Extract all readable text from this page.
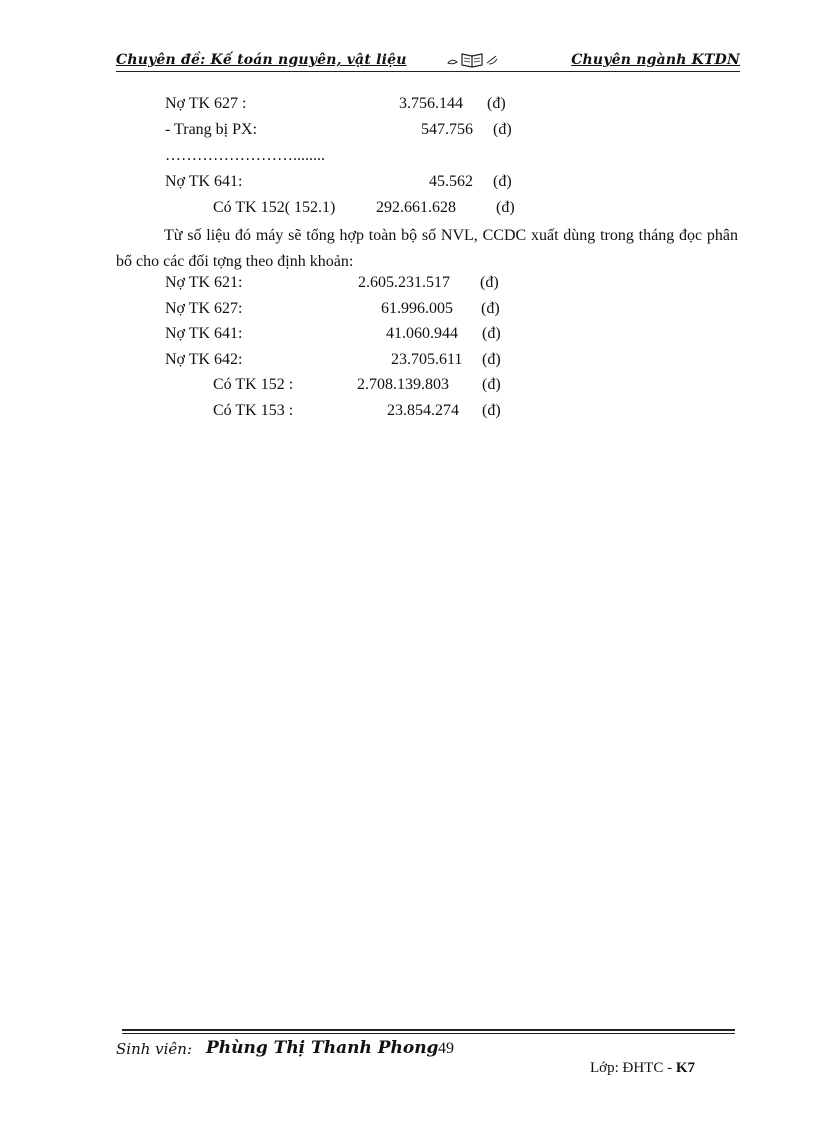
Chuyên đề: Kế toán nguyên, vật liệu	Chuyên ngành KTDN
Nợ TK 627 :	3.756.144 (đ)
- Trang bị PX:	547.756 (đ)
……………………........
Nợ TK 641:	45.562 (đ)
Có TK 152( 152.1)	292.661.628	(đ)
Từ số liệu đó máy sẽ tổng hợp toàn bộ số NVL, CCDC xuất dùng trong tháng đọc phân bổ cho các đối tợng theo định khoản:
Nợ TK 621:	2.605.231.517 (đ)
Nợ TK 627:	61.996.005 (đ)
Nợ TK 641:	41.060.944 (đ)
Nợ TK 642:	23.705.611 (đ)
Có TK 152 :	2.708.139.803 (đ)
Có TK 153 :	23.854.274 (đ)
Sinh viên: Phùng Thị Thanh Phong 49
Lớp: ĐHTC - K7
